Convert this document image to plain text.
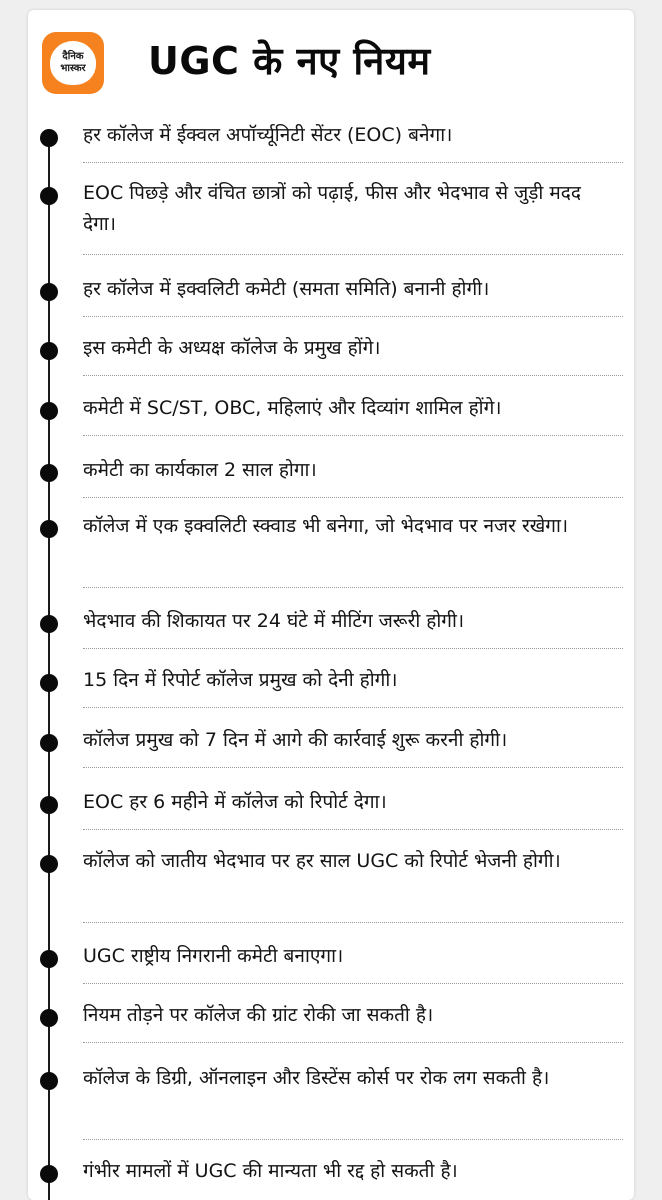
दैनिक
भास्कर UGC के नए नियम
हर कॉलेज में ईक्वल अपॉर्च्यूनिटी सेंटर (EOC) बनेगा।
EOC पिछड़े और वंचित छात्रों को पढ़ाई, फीस और भेदभाव से जुड़ी मदद देगा।
हर कॉलेज में इक्वलिटी कमेटी (समता समिति) बनानी होगी।
इस कमेटी के अध्यक्ष कॉलेज के प्रमुख होंगे।
कमेटी में SC/ST, OBC, महिलाएं और दिव्यांग शामिल होंगे।
कमेटी का कार्यकाल 2 साल होगा।
कॉलेज में एक इक्वलिटी स्क्वाड भी बनेगा, जो भेदभाव पर नजर रखेगा।
भेदभाव की शिकायत पर 24 घंटे में मीटिंग जरूरी होगी।
15 दिन में रिपोर्ट कॉलेज प्रमुख को देनी होगी।
कॉलेज प्रमुख को 7 दिन में आगे की कार्रवाई शुरू करनी होगी।
EOC हर 6 महीने में कॉलेज को रिपोर्ट देगा।
कॉलेज को जातीय भेदभाव पर हर साल UGC को रिपोर्ट भेजनी होगी।
UGC राष्ट्रीय निगरानी कमेटी बनाएगा।
नियम तोड़ने पर कॉलेज की ग्रांट रोकी जा सकती है।
कॉलेज के डिग्री, ऑनलाइन और डिस्टेंस कोर्स पर रोक लग सकती है।
गंभीर मामलों में UGC की मान्यता भी रद्द हो सकती है।
